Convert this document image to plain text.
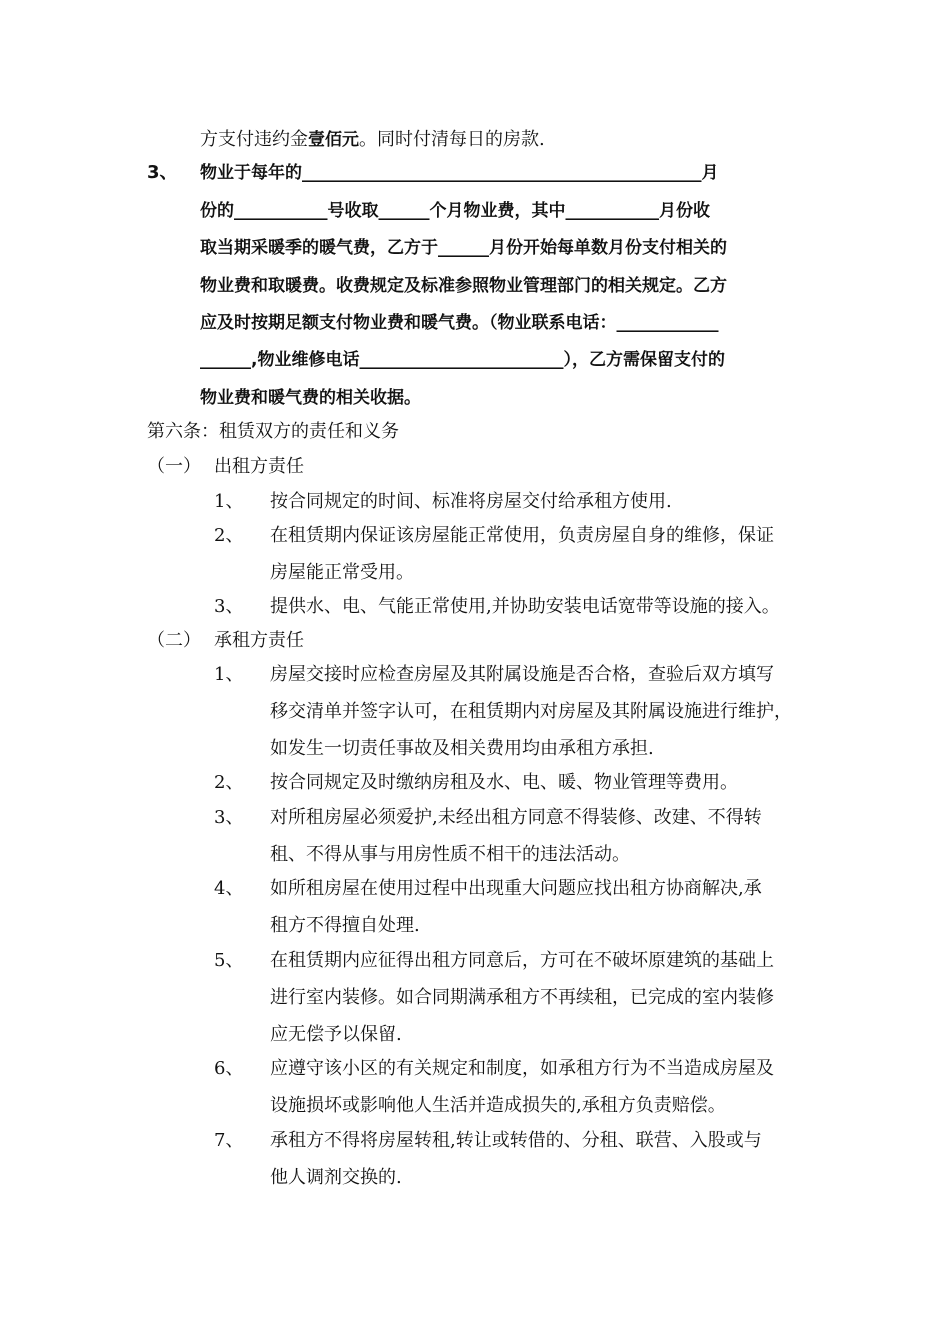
方支付违约金壹佰元。同时付清每日的房款.
3、 物业于每年的_______________________________________________月
份的___________号收取______个月物业费，其中___________月份收
取当期采暖季的暖气费，乙方于______月份开始每单数月份支付相关的
物业费和取暖费。收费规定及标准参照物业管理部门的相关规定。乙方
应及时按期足额支付物业费和暖气费。（物业联系电话：____________
______,物业维修电话________________________），乙方需保留支付的
物业费和暖气费的相关收据。
第六条：租赁双方的责任和义务
（一） 出租方责任
1、 按合同规定的时间、标准将房屋交付给承租方使用.
2、 在租赁期内保证该房屋能正常使用，负责房屋自身的维修，保证
房屋能正常受用。
3、 提供水、电、气能正常使用,并协助安装电话宽带等设施的接入。
（二） 承租方责任
1、 房屋交接时应检查房屋及其附属设施是否合格，查验后双方填写
移交清单并签字认可，在租赁期内对房屋及其附属设施进行维护，
如发生一切责任事故及相关费用均由承租方承担.
2、 按合同规定及时缴纳房租及水、电、暖、物业管理等费用。
3、 对所租房屋必须爱护,未经出租方同意不得装修、改建、不得转
租、不得从事与用房性质不相干的违法活动。
4、 如所租房屋在使用过程中出现重大问题应找出租方协商解决,承
租方不得擅自处理.
5、 在租赁期内应征得出租方同意后，方可在不破坏原建筑的基础上
进行室内装修。如合同期满承租方不再续租，已完成的室内装修
应无偿予以保留.
6、 应遵守该小区的有关规定和制度，如承租方行为不当造成房屋及
设施损坏或影响他人生活并造成损失的,承租方负责赔偿。
7、 承租方不得将房屋转租,转让或转借的、分租、联营、入股或与
他人调剂交换的.
